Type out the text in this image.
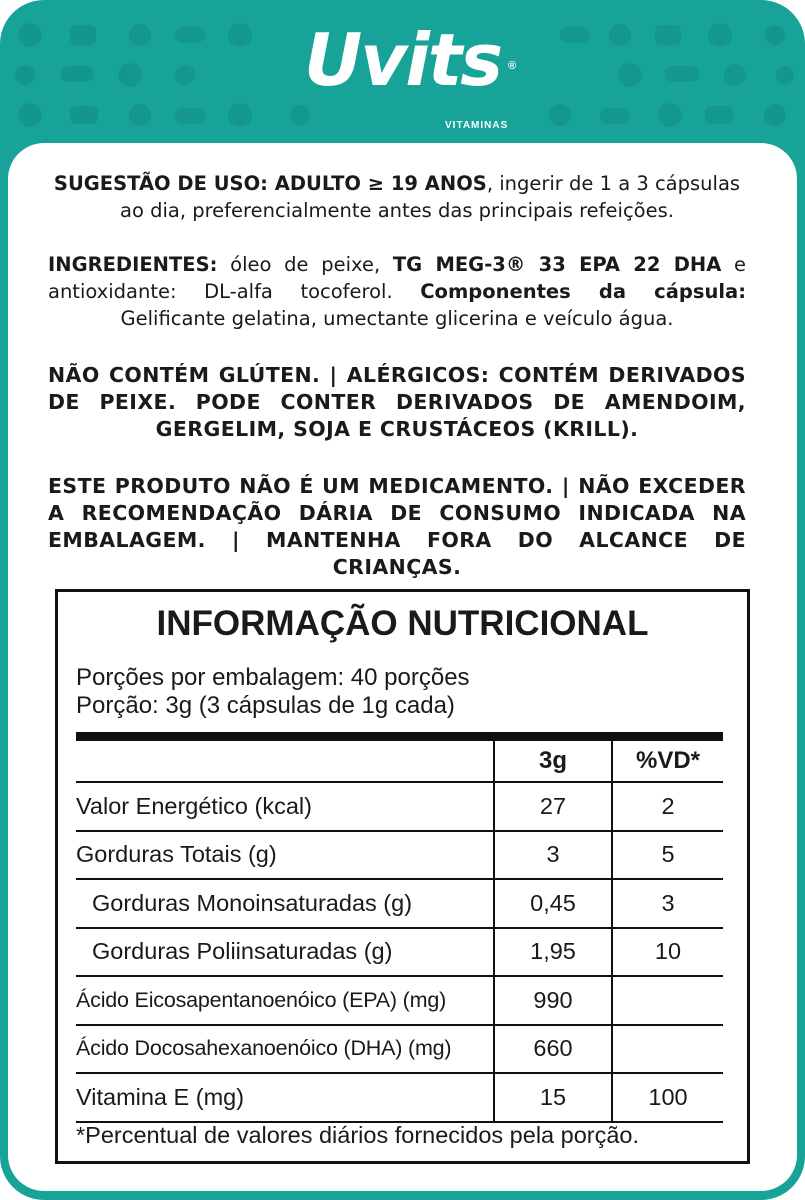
Uvits ®
VITAMINAS
SUGESTÃO DE USO: ADULTO ≥ 19 ANOS, ingerir de 1 a 3 cápsulas ao dia, preferencialmente antes das principais refeições.
INGREDIENTES: óleo de peixe, TG MEG-3® 33 EPA 22 DHA e antioxidante: DL-alfa tocoferol. Componentes da cápsula: Gelificante gelatina, umectante glicerina e veículo água.
NÃO CONTÉM GLÚTEN. | ALÉRGICOS: CONTÉM DERIVADOS DE PEIXE. PODE CONTER DERIVADOS DE AMENDOIM, GERGELIM, SOJA E CRUSTÁCEOS (KRILL).
ESTE PRODUTO NÃO É UM MEDICAMENTO. | NÃO EXCEDER A RECOMENDAÇÃO DÁRIA DE CONSUMO INDICADA NA EMBALAGEM. | MANTENHA FORA DO ALCANCE DE CRIANÇAS.
INFORMAÇÃO NUTRICIONAL
Porções por embalagem: 40 porções
Porção: 3g (3 cápsulas de 1g cada)
	3g	%VD*
Valor Energético (kcal)	27	2
Gorduras Totais (g)	3	5
Gorduras Monoinsaturadas (g)	0,45	3
Gorduras Poliinsaturadas (g)	1,95	10
Ácido Eicosapentanoenóico (EPA) (mg)	990	
Ácido Docosahexanoenóico (DHA) (mg)	660	
Vitamina E (mg)	15	100
*Percentual de valores diários fornecidos pela porção.
